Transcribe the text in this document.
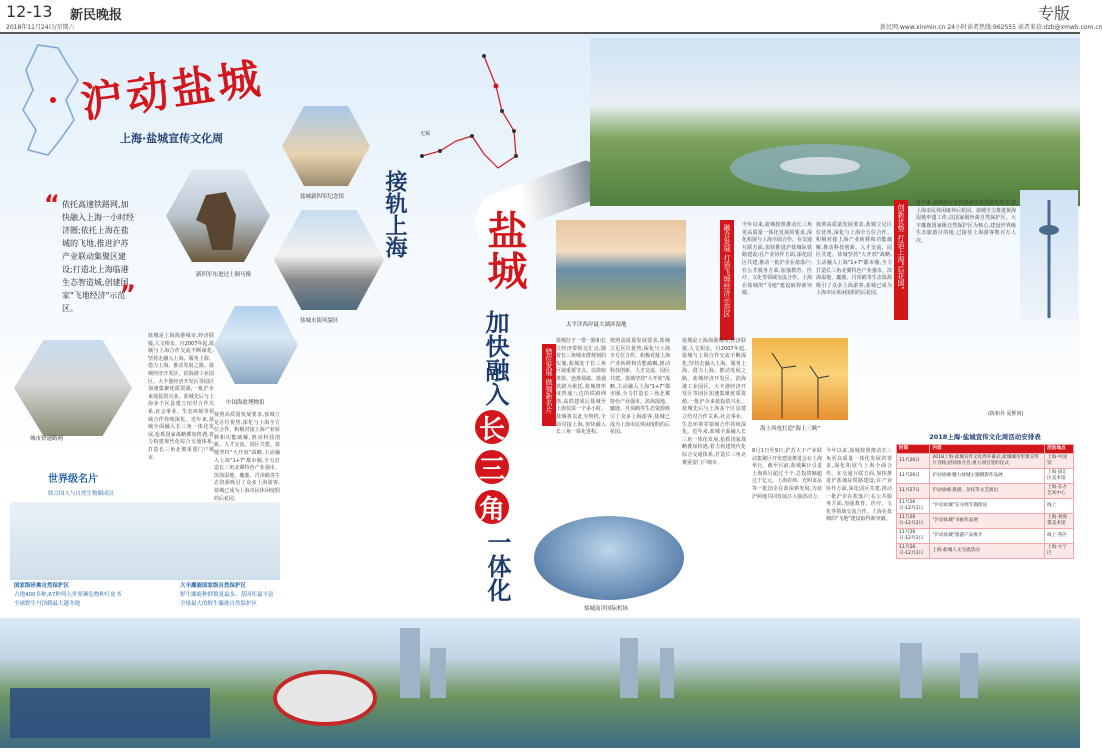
12-13 新民晚报
2018年11月24日/星期六	新民网:www.xinmin.cn 24小时读者热线:962555 读者来信:dzb@xmwb.com.cn
专版
沪动盐城
上海·盐城宣传文化周
“ 依托高速铁路网,加快融入上海一小时经济圈;依托上海在盐城的飞地,推进沪苏产业联动集聚区建设;打造北上海临港生态智造城,创建国家"飞地经济"示范区。
”
盐城新四军纪念馆
新四军东进过士铜马像
盐城水街风貌区
中国海盐博物馆
城市快速路网
盐城是上海海港城市,经济联接,人文相亲。自2007年起,盐城与上海合作交流不断深化,坚持走融入上海、服务上海、借力上海、推动发展之路。盐城经济开发区、滨海港工业园区、大丰港经济开发区等园区加速集聚优质资源,一批沪企来盐投资兴业。盐城先后与上海多个区县建立结对合作关系,社会事业、生态环境等领域合作持续深化。近年来,盐城全面融入长三角一体化发展,抢抓国家战略叠加机遇,着力构建现代化综合交通体系,打造长三角北翼重要门户城市。
按照高质量发展要求,盐城立足区位优势,深化与上海全方位合作。积极对接上海产业转移和功能疏解,推动科技创新、人才交流、园区共建。盐城坚持"大开放"战略,主动融入上海"1+7"都市圈,全力打造长三角北翼特色产业强市。滨海湿地、麋鹿、丹顶鹤等生态资源吸引了众多上海游客,盐城已成为上海市民休闲度假的后花园。
世界级名片
联合国人与自然生物圈成员
国家级珍禽自然保护区
占地400多种,67种列入世界濒危物种红皮书
全球野生丹顶鹤最大越冬地
大丰麋鹿国家级自然保护区
野生麋鹿种群数量最多、基因库最丰富
全球最大的野生麋鹿自然保护区
无锡
接轨上海 盐城
加快融入
长
三
角
一体化
太平洋西岸最大湖滨湿地
海上风电打造"海上三峡"
盐城南洋国际机场
错位发展 做强新名片
融合发展 打造飞地经济示范区	创新优势 打造上海"后花园"
盐城位于一带一路和长江经济带的交汇点,随着长三角城市群规划的实施,盐城处于长三角区域重要节点。以徐宿淮盐、连淮扬镇、盐通铁路为依托,盐城将形成四通八达的铁路网络,高铁建成后盐城至上海仅需一个多小时。盐城将以此为契机,全面对接上海,加快融入长三角一体化进程。
按照高质量发展要求,盐城立足区位优势,深化与上海全方位合作。积极对接上海产业转移和功能疏解,推动科技创新、人才交流、园区共建。盐城坚持"大开放"战略,主动融入上海"1+7"都市圈,全力打造长三角北翼特色产业强市。滨海湿地、麋鹿、丹顶鹤等生态资源吸引了众多上海游客,盐城已成为上海市民休闲度假的后花园。
盐城是上海海港城市,经济联接,人文相亲。自2007年起,盐城与上海合作交流不断深化,坚持走融入上海、服务上海、借力上海、推动发展之路。盐城经济开发区、滨海港工业园区、大丰港经济开发区等园区加速集聚优质资源,一批沪企来盐投资兴业。盐城先后与上海多个区县建立结对合作关系,社会事业、生态环境等领域合作持续深化。近年来,盐城全面融入长三角一体化发展,抢抓国家战略叠加机遇,着力构建现代化综合交通体系,打造长三角北翼重要门户城市。
今年以来,盐城按照推动长三角更高质量一体化发展的要求,深化拓展与上海全面合作。在交通互联方面,加快推进沪盐城际铁路建设;在产业协作方面,深化园区共建,推动一批沪企在盐落户;在公共服务方面,加强教育、医疗、文化等领域交流合作。上海在盐城的"飞地"建设取得新突破。
按照高质量发展要求,盐城立足区位优势,深化与上海全方位合作。积极对接上海产业转移和功能疏解,推动科技创新、人才交流、园区共建。盐城坚持"大开放"战略,主动融入上海"1+7"都市圈,全力打造长三角北翼特色产业强市。滨海湿地、麋鹿、丹顶鹤等生态资源吸引了众多上海游客,盐城已成为上海市民休闲度假的后花园。
8月1日至9日,沪苏大丰产业联动集聚区开发建设推进会在上海举行。截至目前,盐城累计引进上海项目超过千个,总投资额超过千亿元。上海农场、光明食品等一批国企在盐深耕发展,为盐沪两地共同发展注入强劲动力。
今年以来,盐城按照推动长三角更高质量一体化发展的要求,深化拓展与上海全面合作。在交通互联方面,加快推进沪盐城际铁路建设;在产业协作方面,深化园区共建,推动一批沪企在盐落户;在公共服务方面,加强教育、医疗、文化等领域交流合作。上海在盐城的"飞地"建设取得新突破。
近年来,盐城充分发挥滨海生态资源优势,打造上海市民休闲康养后花园。盐城全力推进黄海湿地申遗工作,以国家级珍禽自然保护区、大丰麋鹿国家级自然保护区为核心,建设世界级生态旅游目的地,已接待上海游客数百万人次。
(陈和昇 夏熙雨)
2018上海·盐城宣传文化周活动安排表
时间	内容	活动地点
11月26日	2018上海·盐城宣传文化周开幕式;盐城城市形象宣传片首映;招商推介会;重大项目签约仪式	上海·中国馆
11月26日	沪动盐城·魅力盐城主题摄影作品展	上海·徐汇区美术馆
11月27日	沪动盐城·淮剧、杂技等文艺演出	上海·东方艺术中心
11月26日-12月2日	"沪动盐城"东方网专题推送	线上
11月26日-12月2日	"沪动盐城"书画作品展	上海·刘海粟美术馆
11月26日-12月2日	"沪动盐城"旅游产品推介	线上·各区
11月26日-12月2日	上海·盐城人文交流活动	上海·大宁区
